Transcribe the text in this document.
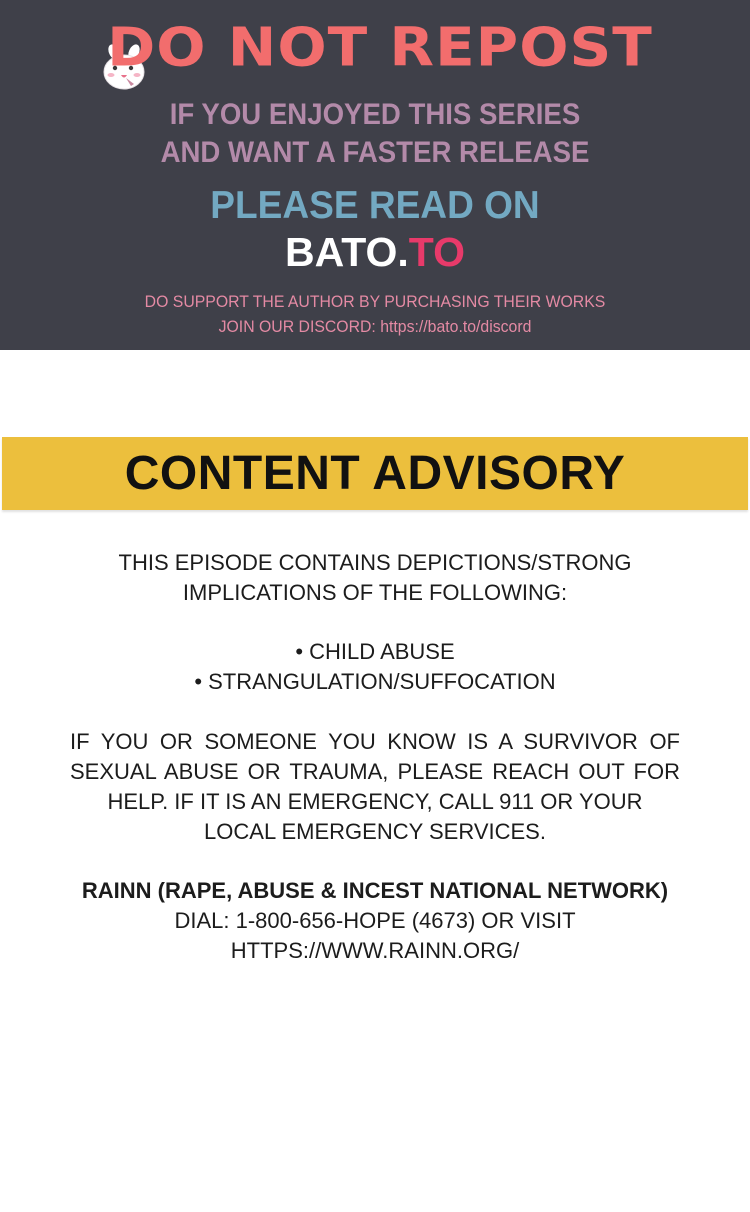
DO NOT REPOST
IF YOU ENJOYED THIS SERIES
AND WANT A FASTER RELEASE
PLEASE READ ON
BATO.TO
DO SUPPORT THE AUTHOR BY PURCHASING THEIR WORKS
JOIN OUR DISCORD: https://bato.to/discord
CONTENT ADVISORY

THIS EPISODE CONTAINS DEPICTIONS/STRONG
IMPLICATIONS OF THE FOLLOWING:

• CHILD ABUSE
• STRANGULATION/SUFFOCATION

IF YOU OR SOMEONE YOU KNOW IS A SURVIVOR OF
SEXUAL ABUSE OR TRAUMA, PLEASE REACH OUT FOR
HELP. IF IT IS AN EMERGENCY, CALL 911 OR YOUR
LOCAL EMERGENCY SERVICES.

RAINN (RAPE, ABUSE & INCEST NATIONAL NETWORK)
DIAL: 1-800-656-HOPE (4673) OR VISIT
HTTPS://WWW.RAINN.ORG/
